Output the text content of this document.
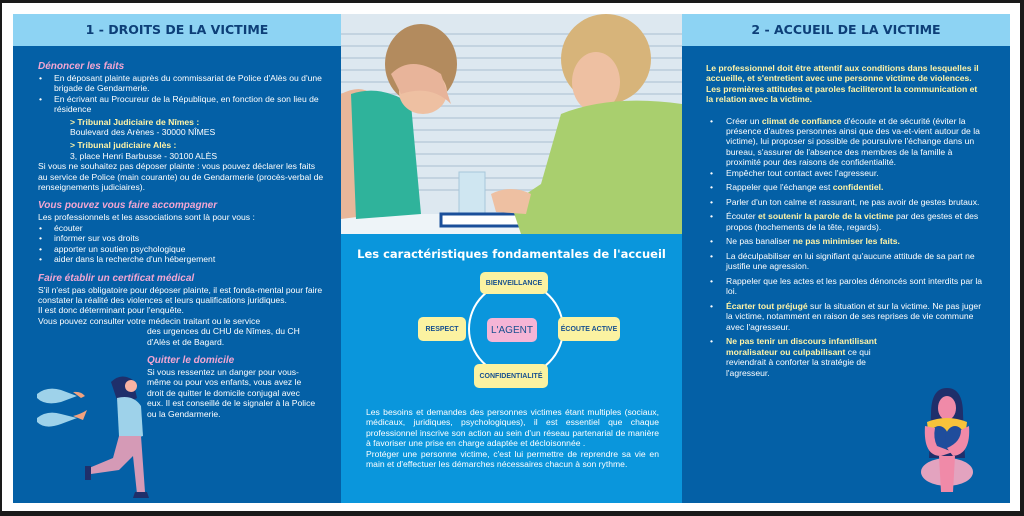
1 - DROITS DE LA VICTIME
Dénoncer les faits
• En déposant plainte auprès du commissariat de Police d'Alès ou d'une brigade de Gendarmerie.
• En écrivant au Procureur de la République, en fonction de son lieu de résidence
> Tribunal Judiciaire de Nîmes :
Boulevard des Arènes - 30000 NÎMES
> Tribunal judiciaire Alès :
3, place Henri Barbusse - 30100 ALÈS
Si vous ne souhaitez pas déposer plainte : vous pouvez déclarer les faits au service de Police (main courante) ou de Gendarmerie (procès-verbal de renseignements judiciaires).
Vous pouvez vous faire accompagner
Les professionnels et les associations sont là pour vous :
• écouter
• informer sur vos droits
• apporter un soutien psychologique
• aider dans la recherche d'un hébergement
Faire établir un certificat médical
S'il n'est pas obligatoire pour déposer plainte, il est fonda-mental pour faire constater la réalité des violences et leurs qualifications juridiques.
Il est donc déterminant pour l'enquête.
Vous pouvez consulter votre médecin traitant ou le service
des urgences du CHU de Nîmes, du CH d'Alès et de Bagard.
Quitter le domicile
Si vous ressentez un danger pour vous-même ou pour vos enfants, vous avez le droit de quitter le domicile conjugal avec eux. Il est conseillé de le signaler à la Police ou la Gendarmerie.
Les caractéristiques fondamentales de l'accueil
BIENVEILLANCE
RESPECT	L'AGENT	ÉCOUTE ACTIVE
CONFIDENTIALITÉ
Les besoins et demandes des personnes victimes étant multiples (sociaux, médicaux, juridiques, psychologiques), il est essentiel que chaque professionnel inscrive son action au sein d'un réseau partenarial de manière à favoriser une prise en charge adaptée et décloisonnée .
Protéger une personne victime, c'est lui permettre de reprendre sa vie en main et d'effectuer les démarches nécessaires chacun à son rythme.
2 - ACCUEIL DE LA VICTIME
Le professionnel doit être attentif aux conditions dans lesquelles il accueille, et s'entretient avec une personne victime de violences.
Les premières attitudes et paroles faciliteront la communication et la relation avec la victime.
• Créer un climat de confiance d'écoute et de sécurité (éviter la présence d'autres personnes ainsi que des va-et-vient autour de la victime), lui proposer si possible de poursuivre l'échange dans un bureau, s'assurer de l'absence des membres de la famille à proximité pour des raisons de confidentialité.
• Empêcher tout contact avec l'agresseur.
• Rappeler que l'échange est confidentiel.
• Parler d'un ton calme et rassurant, ne pas avoir de gestes brutaux.
• Écouter et soutenir la parole de la victime par des gestes et des propos (hochements de la tête, regards).
• Ne pas banaliser ne pas minimiser les faits.
• La déculpabiliser en lui signifiant qu'aucune attitude de sa part ne justifie une agression.
• Rappeler que les actes et les paroles dénoncés sont interdits par la loi.
• Écarter tout préjugé sur la situation et sur la victime. Ne pas juger la victime, notamment en raison de ses reprises de vie commune avec l'agresseur.
• Ne pas tenir un discours infantilisant moralisateur ou culpabilisant ce qui reviendrait à conforter la stratégie de l'agresseur.
